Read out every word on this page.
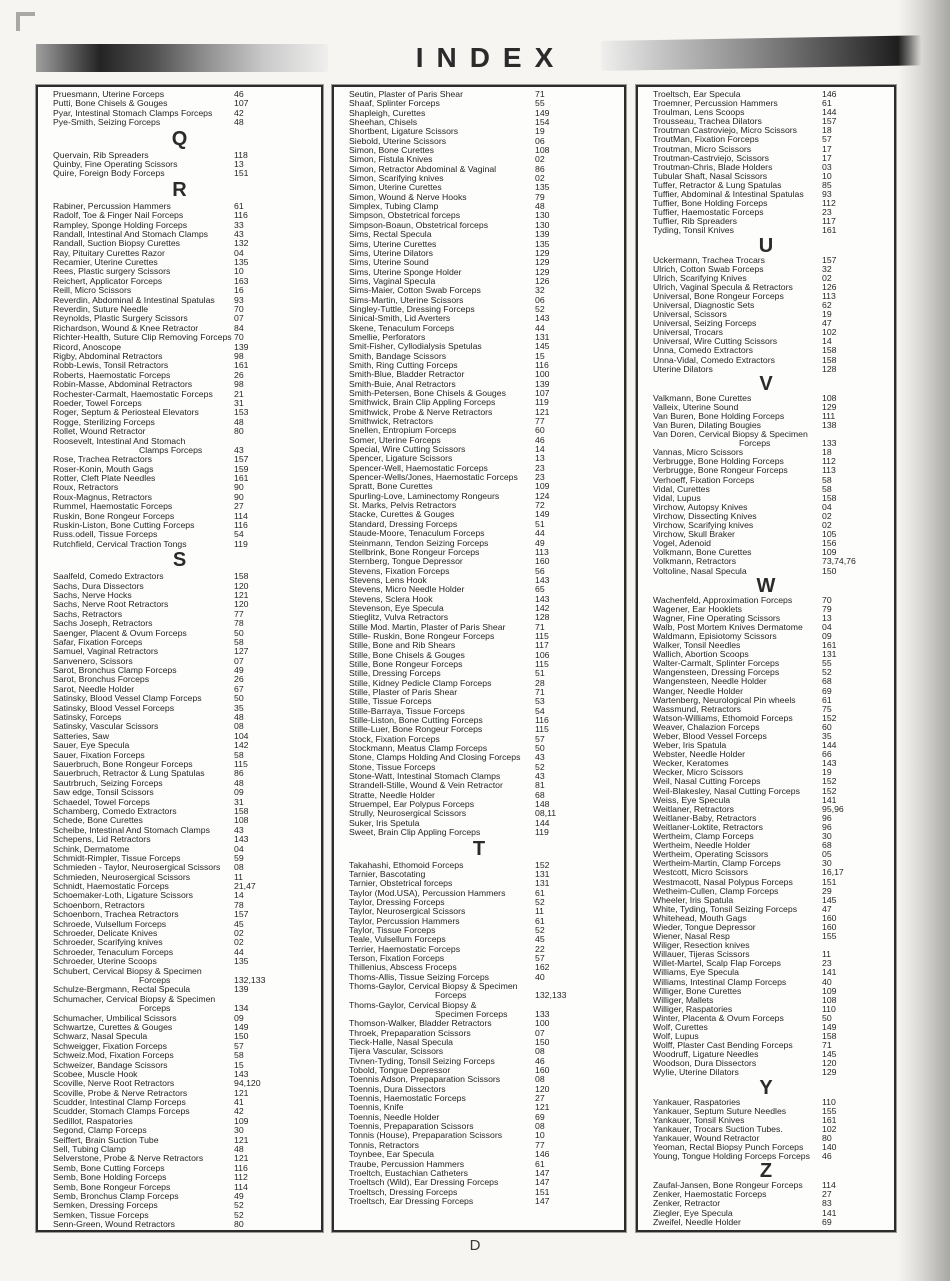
INDEX
Pruesmann, Uterine Forceps	46
Putti, Bone Chisels & Gouges	107
Pyar, Intestinal Stomach Clamps Forceps 42
Pye-Smith, Seizing Forceps	48
Q
Quervain, Rib Spreaders	118
Quinby, Fine Operating Scissors	13
Quire, Foreign Body Forceps	151
R
Rabiner, Percussion Hammers	61
Radolf, Toe & Finger Nail Forceps	116
Rampley, Sponge Holding Forceps	33
Randall, Intestinal And Stomach Clamps	43
Randall, Suction Biopsy Curettes	132
Ray, Pituitary Curettes Razor	04
Recamier, Uterine Curettes	135
Rees, Plastic surgery Scissors	10
Reichert, Applicator Forceps	163
Reill, Micro Scissors	16
Reverdin, Abdominal & Intestinal Spatulas 93
Reverdin, Suture Needle	70
Reynolds, Plastic Surgery Scissors	07
Richardson, Wound & Knee Retractor	84
Richter-Health, Suture Clip Removing Forceps 70
Ricord, Anoscope	139
Rigby, Abdominal Retractors	98
Robb-Lewis, Tonsil Retractors	161
Roberts, Haemostatic Forceps	26
Robin-Masse, Abdominal Retractors	98
Rochester-Carmalt, Haemostatic Forceps 21
Roeder, Towel Forceps	31
Roger, Septum & Periosteal Elevators	153
Rogge, Sterilizing Forceps	48
Rollet, Wound Retractor	80
Roosevelt, Intestinal And Stomach
Clamps Forceps	43
Rose, Trachea Retractors	157
Roser-Konin, Mouth Gags	159
Rotter, Cleft Plate Needles	161
Roux, Retractors	90
Roux-Magnus, Retractors	90
Rummel, Haemostatic Forceps	27
Ruskin, Bone Rongeur Forceps	114
Ruskin-Liston, Bone Cutting Forceps	116
Russ.odell, Tissue Forceps	54
Rutchfield, Cervical Traction Tongs	119
S
Saalfeld, Comedo Extractors	158
Sachs, Dura Dissectors	120
Sachs, Nerve Hocks	121
Sachs, Nerve Root Retractors	120
Sachs, Retractors	77
Sachs Joseph, Retractors	78
Saenger, Placent & Ovum Forceps	50
Safar, Fixation Forceps	58
Samuel, Vaginal Retractors	127
Sanvenero, Scissors	07
Sarot, Bronchus Clamp Forceps	49
Sarot, Bronchus Forceps	26
Sarot, Needle Holder	67
Satinsky, Blood Vessel Clamp Forceps	50
Satinsky, Blood Vessel Forceps	35
Satinsky, Forceps	48
Satinsky, Vascular Scissors	08
Satteries, Saw	104
Sauer, Eye Specula	142
Sauer, Fixation Forceps	58
Sauerbruch, Bone Rongeur Forceps	115
Sauerbruch, Retractor & Lung Spatulas	86
Sautrbruch, Seizing Forceps	48
Saw edge, Tonsil Scissors	09
Schaedel, Towel Forceps	31
Schamberg, Comedo Extractors	158
Schede, Bone Curettes	108
Scheibe, Intestinal And Stomach Clamps	43
Schepens, Lid Retractors	143
Schink, Dermatome	04
Schmidt-Rimpler, Tissue Forceps	59
Schmieden - Taylor, Neurosergical Scissors 08
Schmieden, Neurosergical Scissors	11
Schnidt, Haemostatic Forceps	21,47
Schoemaker-Loth, Ligature Scissors	14
Schoenborn, Retractors	78
Schoenborn, Trachea Retractors	157
Schroede, Vulsellum Forceps	45
Schroeder, Delicate Knives	02
Schroeder, Scarifying knives	02
Schroeder, Tenaculum Forceps	44
Schroeder, Uterine Scoops	135
Schubert, Cervical Biopsy & Specimen
Forceps	132,133
Schulze-Bergmann, Rectal Specula	139
Schumacher, Cervical Biopsy & Specimen
Forceps	134
Schumacher, Umbilical Scissors	09
Schwartze, Curettes & Gouges	149
Schwarz, Nasal Specula	150
Schweigger, Fixation Forceps	57
Schweiz.Mod, Fixation Forceps	58
Schweizer, Bandage Scissors	15
Scobee, Muscle Hook	143
Scoville, Nerve Root Retractors	94,120
Scoville, Probe & Nerve Retractors	121
Scudder, Intestinal Clamp Forceps	41
Scudder, Stomach Clamps Forceps	42
Sedillot, Raspatories	109
Segond, Clamp Forceps	30
Seiffert, Brain Suction Tube	121
Sell, Tubing Clamp	48
Selverstone, Probe & Nerve Retractors	121
Semb, Bone Cutting Forceps	116
Semb, Bone Holding Forceps	112
Semb, Bone Rongeur Forceps	114
Semb, Bronchus Clamp Forceps	49
Semken, Dressing Forceps	52
Semken, Tissue Forceps	52
Senn-Green, Wound Retractors	80
Seutin, Plaster of Paris Shear	71
Shaaf, Splinter Forceps	55
Shapleigh, Curettes	149
Sheehan, Chisels	154
Shortbent, Ligature Scissors	19
Siebold, Uterine Scissors	06
Simon, Bone Curettes	108
Simon, Fistula Knives	02
Simon, Retractor Abdominal & Vaginal	86
Simon, Scarifying knives	02
Simon, Uterine Curettes	135
Simon, Wound & Nerve Hooks	79
Simplex, Tubing Clamp	48
Simpson, Obstetrical forceps	130
Simpson-Boaun, Obstetrical forceps	130
Sims, Rectal Specula	139
Sims, Uterine Curettes	135
Sims, Uterine Dilators	129
Sims, Uterine Sound	129
Sims, Uterine Sponge Holder	129
Sims, Vaginal Specula	126
Sims-Maier, Cotton Swab Forceps	32
Sims-Martin, Uterine Scissors	06
Singley-Tuttle, Dressing Forceps	52
Sinical-Smith, Lid Averters	143
Skene, Tenaculum Forceps	44
Smellie, Perforators	131
Smit-Fisher, Cyllodialysis Spetulas	145
Smith, Bandage Scissors	15
Smith, Ring Cutting Forceps	116
Smith-Blue, Bladder Retractor	100
Smith-Buie, Anal Retractors	139
Smith-Petersen, Bone Chisels & Gouges	107
Smithwick, Brain Clip Appling Forceps	119
Smithwick, Probe & Nerve Retractors	121
Smithwick, Retractors	77
Snellen, Entropium Forceps	60
Somer, Uterine Forceps	46
Special, Wire Cutting Scissors	14
Spencer, Ligature Scissors	13
Spencer-Well, Haemostatic Forceps	23
Spencer-Wells/Jones, Haemostatic Forceps 23
Spratt, Bone Curettes	109
Spurling-Love, Laminectomy Rongeurs	124
St. Marks, Pelvis Retractors	72
Stacke, Curettes & Gouges	149
Standard, Dressing Forceps	51
Staude-Moore, Tenaculum Forceps	44
Steinmann, Tendon Seizing Forceps	49
Stellbrink, Bone Rongeur Forceps	113
Sternberg, Tongue Depressor	160
Stevens, Fixation Forceps	56
Stevens, Lens Hook	143
Stevens, Micro Needle Holder	65
Stevens, Sclera Hook	143
Stevenson, Eye Specula	142
Stieglitz, Vulva Retractors	128
Stille Mod. Martin, Plaster of Paris Shear	71
Stille- Ruskin, Bone Rongeur Forceps	115
Stille, Bone and Rib Shears	117
Stille, Bone Chisels & Gouges	106
Stille, Bone Rongeur Forceps	115
Stille, Dressing Forceps	51
Stille, Kidney Pedicle Clamp Forceps	28
Stille, Plaster of Paris Shear	71
Stille, Tissue Forceps	53
Stille-Barraya, Tissue Forceps	54
Stille-Liston, Bone Cutting Forceps	116
Stille-Luer, Bone Rongeur Forceps	115
Stock, Fixation Forceps	57
Stockmann, Meatus Clamp Forceps	50
Stone, Clamps Holding And Closing Forceps 43
Stone, Tissue Forceps	52
Stone-Watt, Intestinal Stomach Clamps	43
Strandell-Stille, Wound & Vein Retractor	81
Stratte, Needle Holder	68
Struempel, Ear Polypus Forceps	148
Strully, Neurosergical Scissors	08,11
Suker, Iris Spetula	144
Sweet, Brain Clip Appling Forceps	119
T
Takahashi, Ethomoid Forceps	152
Tarnier, Bascotating	131
Tarnier, Obstetrical forceps	131
Taylor (Mod.USA), Percussion Hammers	61
Taylor, Dressing Forceps	52
Taylor, Neurosergical Scissors	11
Taylor, Percussion Hammers	61
Taylor, Tissue Forceps	52
Teale, Vulsellum Forceps	45
Terrier, Haemostatic Forceps	22
Terson, Fixation Forceps	57
Thillenius, Abscess Froceps	162
Thoms-Allis, Tissue Seizing Forceps	40
Thoms-Gaylor, Cervical Biopsy & Specimen
Forceps	132,133
Thoms-Gaylor, Cervical Biopsy &
Specimen Forceps	133
Thomson-Walker, Bladder Retractors	100
Throek, Prepaparation Scissors	07
Tieck-Halle, Nasal Specula	150
Tijera Vascular, Scissors	08
Tivnen-Tyding, Tonsil Seizing Forceps	46
Tobold, Tongue Depressor	160
Toennis Adson, Prepaparation Scissors	08
Toennis, Dura Dissectors	120
Toennis, Haemostatic Forceps	27
Toennis, Knife	121
Toennis, Needle Holder	69
Toennis, Prepaparation Scissors	08
Tonnis (House), Prepaparation Scissors	10
Tonnis, Retractors	77
Toynbee, Ear Specula	146
Traube, Percussion Hammers	61
Troeltch, Eustachian Catheters	147
Troeltsch (Wild), Ear Dressing Forceps	147
Troeltsch, Dressing Forceps	151
Troeltsch, Ear Dressing Forceps	147
Troeltsch, Ear Specula	146
Troemner, Percussion Hammers	61
Troulman, Lens Scoops	144
Trousseau, Trachea Dilators	157
Troutman Castroviejo, Micro Scissors	18
TroutMan, Fixation Forceps	57
Troutman, Micro Scissors	17
Troutman-Castrviejo, Scissors	17
Troutman-Chris, Blade Holders	03
Tubular Shaft, Nasal Scissors	10
Tuffer, Retractor & Lung Spatulas	85
Tuffier, Abdominal & Intestinal Spatulas 93
Tuffier, Bone Holding Forceps	112
Tuffier, Haemostatic Forceps	23
Tuffier, Rib Spreaders	117
Tyding, Tonsil Knives	161
U
Uckermann, Trachea Trocars	157
Ulrich, Cotton Swab Forceps	32
Ulrich, Scarifying Knives	02
Ulrich, Vaginal Specula & Retractors	126
Universal, Bone Rongeur Forceps	113
Universal, Diagnostic Sets	62
Universal, Scissors	19
Universal, Seizing Forceps	47
Universal, Trocars	102
Universal, Wire Cutting Scissors	14
Unna, Comedo Extractors	158
Unna-Vidal, Comedo Extractors	158
Uterine Dilators	128
V
Valkmann, Bone Curettes	108
Valleix, Uterine Sound	129
Van Buren, Bone Holding Forceps	111
Van Buren, Dilating Bougies	138
Van Doren, Cervical Biopsy & Specimen
Forceps	133
Vannas, Micro Scissors	18
Verbrugge, Bone Holding Forceps	112
Verbrugge, Bone Rongeur Forceps	113
Verhoeff, Fixation Forceps	58
Vidal, Curettes	58
Vidal, Lupus	158
Virchow, Autopsy Knives	04
Virchow, Dissecting Knives	02
Virchow, Scarifying knives	02
Virchow, Skull Braker	105
Vogel, Adenoid	156
Volkmann, Bone Curettes	109
Volkmann, Retractors	73,74,76
Voltoline, Nasal Specula	150
W
Wachenfeld, Approximation Forceps	70
Wagener, Ear Hooklets	79
Wagner, Fine Operating Scissors	13
Walb, Post Mortem Knives Dermatome 04
Waldmann, Episiotomy Scissors	09
Walker, Tonsil Needles	161
Wallich, Abortion Scoops	131
Walter-Carmalt, Splinter Forceps	55
Wangensteen, Dressing Forceps	52
Wangensteen, Needle Holder	68
Wanger, Needle Holder	69
Wartenberg, Neurological Pin wheels	61
Wassmund, Retractors	75
Watson-Williams, Ethomoid Forceps	152
Weaver, Chalazion Forceps	60
Weber, Blood Vessel Forceps	35
Weber, Iris Spatula	144
Webster, Needle Holder	66
Wecker, Keratomes	143
Wecker, Micro Scissors	19
Weil, Nasal Cutting Forceps	152
Weil-Blakesley, Nasal Cutting Forceps	152
Weiss, Eye Specula	141
Weitlaner, Retractors	95,96
Weitlaner-Baby, Retractors	96
Weitlaner-Loktite, Retractors	96
Wertheim, Clamp Forceps	30
Wertheim, Needle Holder	68
Wertheim, Operating Scissors	05
Wertheim-Martin, Clamp Forceps	30
Westcott, Micro Scissors	16,17
Westmacott, Nasal Polypus Forceps	151
Wetheim-Cullen, Clamp Forceps	29
Wheeler, Iris Spatula	145
White, Tyding, Tonsil Seizing Forceps	47
Whitehead, Mouth Gags	160
Wieder, Tongue Depressor	160
Wiener, Nasal Resp	155
Wiliger, Resection knives
Willauer, Tijeras Scissors	11
Willet-Martel, Scalp Flap Forceps	23
Williams, Eye Specula	141
Williams, Intestinal Clamp Forceps	40
Williger, Bone Curettes	109
Williger, Mallets	108
Williger, Raspatories	110
Winter, Placenta & Ovum Forceps	50
Wolf, Curettes	149
Wolf, Lupus	158
Wolff, Plaster Cast Bending Forceps	71
Woodruff, Ligature Needles	145
Woodson, Dura Dissectors	120
Wylie, Uterine Dilators	129
Y
Yankauer, Raspatories	110
Yankauer, Septum Suture Needles	155
Yankauer, Tonsil Knives	161
Yankauer, Trocars Suction Tubes.	102
Yankauer, Wound Retractor	80
Yeoman, Rectal Biopsy Punch Forceps 140
Young, Tongue Holding Forceps Forceps 46
Z
Zaufal-Jansen, Bone Rongeur Forceps 114
Zenker, Haemostatic Forceps	27
Zenker, Retractor	83
Ziegler, Eye Specula	141
Zweifel, Needle Holder	69
D
